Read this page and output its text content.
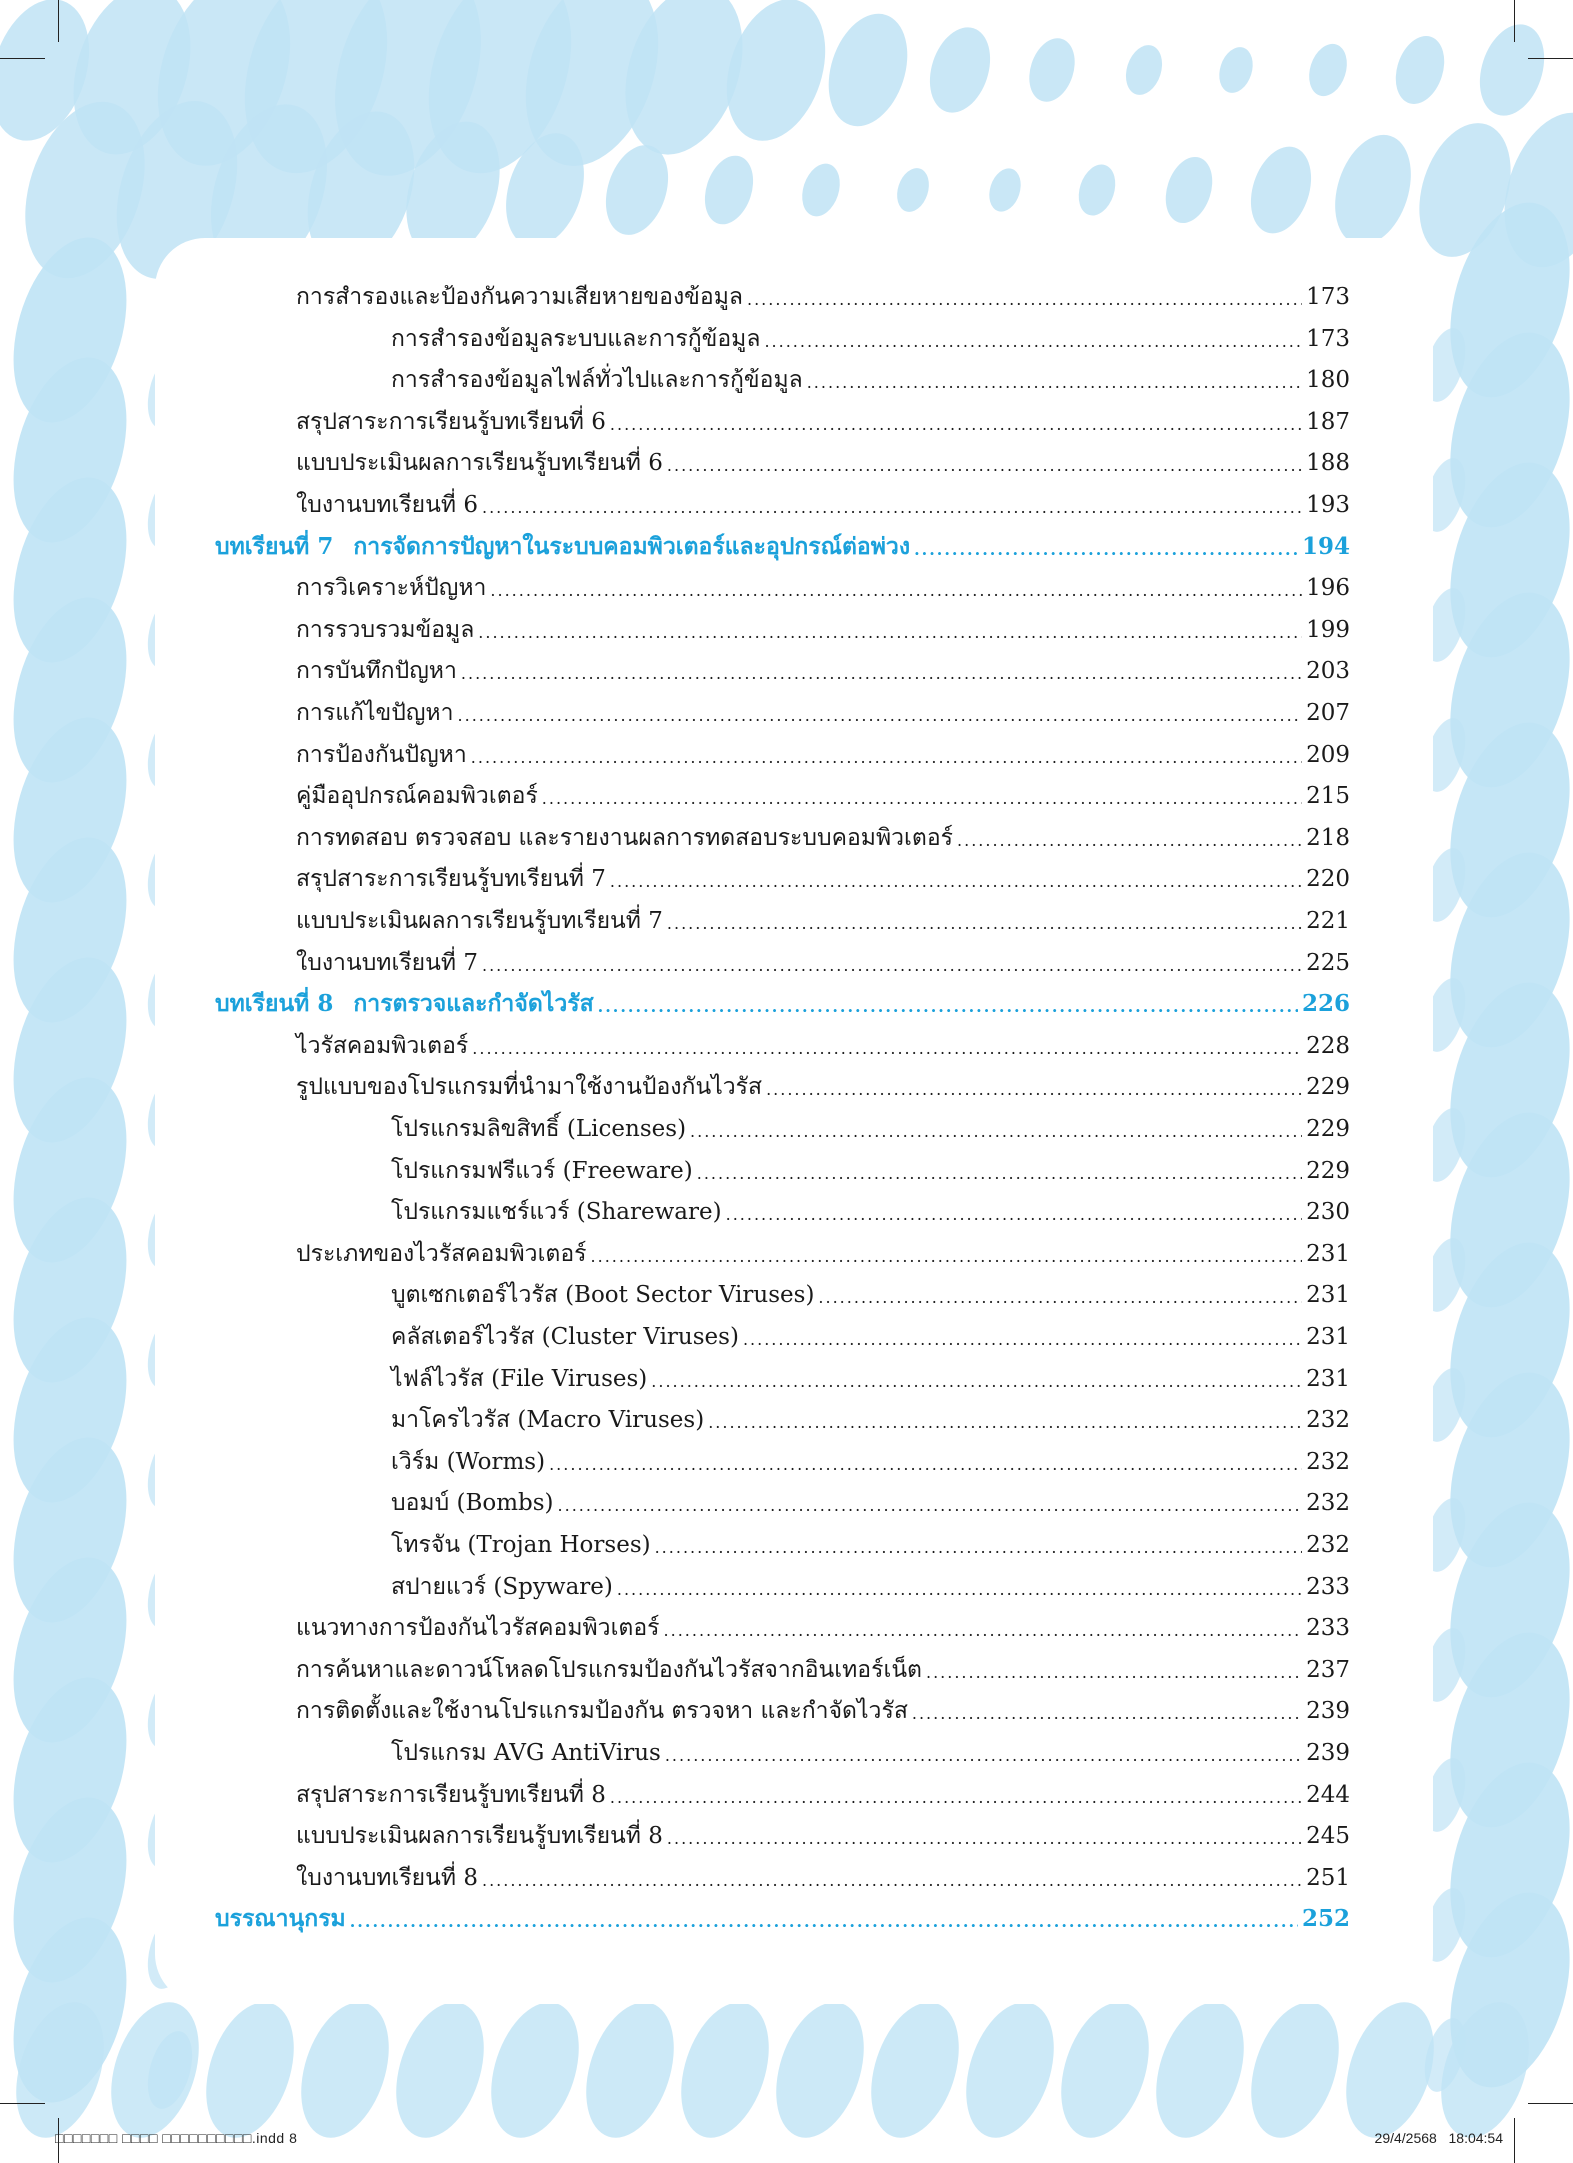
การสำรองและป้องกันความเสียหายของข้อมูล .....	173
การสำรองข้อมูลระบบและการกู้ข้อมูล .....	173
การสำรองข้อมูลไฟล์ทั่วไปและการกู้ข้อมูล .....	180
สรุปสาระการเรียนรู้บทเรียนที่ 6 .....	187
แบบประเมินผลการเรียนรู้บทเรียนที่ 6 .....	188
ใบงานบทเรียนที่ 6 .....	193
บทเรียนที่ 7 การจัดการปัญหาในระบบคอมพิวเตอร์และอุปกรณ์ต่อพ่วง .....	194
การวิเคราะห์ปัญหา .....	196
การรวบรวมข้อมูล .....	199
การบันทึกปัญหา .....	203
การแก้ไขปัญหา .....	207
การป้องกันปัญหา .....	209
คู่มืออุปกรณ์คอมพิวเตอร์ .....	215
การทดสอบ ตรวจสอบ และรายงานผลการทดสอบระบบคอมพิวเตอร์ .....	218
สรุปสาระการเรียนรู้บทเรียนที่ 7 .....	220
แบบประเมินผลการเรียนรู้บทเรียนที่ 7 .....	221
ใบงานบทเรียนที่ 7 .....	225
บทเรียนที่ 8 การตรวจและกำจัดไวรัส .....	226
ไวรัสคอมพิวเตอร์ .....	228
รูปแบบของโปรแกรมที่นำมาใช้งานป้องกันไวรัส .....	229
โปรแกรมลิขสิทธิ์ (Licenses) .....	229
โปรแกรมฟรีแวร์ (Freeware) .....	229
โปรแกรมแชร์แวร์ (Shareware) .....	230
ประเภทของไวรัสคอมพิวเตอร์ .....	231
บูตเซกเตอร์ไวรัส (Boot Sector Viruses) .....	231
คลัสเตอร์ไวรัส (Cluster Viruses) .....	231
ไฟล์ไวรัส (File Viruses) .....	231
มาโครไวรัส (Macro Viruses) .....	232
เวิร์ม (Worms) .....	232
บอมบ์ (Bombs) .....	232
โทรจัน (Trojan Horses) .....	232
สปายแวร์ (Spyware) .....	233
แนวทางการป้องกันไวรัสคอมพิวเตอร์ .....	233
การค้นหาและดาวน์โหลดโปรแกรมป้องกันไวรัสจากอินเทอร์เน็ต .....	237
การติดตั้งและใช้งานโปรแกรมป้องกัน ตรวจหา และกำจัดไวรัส .....	239
โปรแกรม AVG AntiVirus .....	239
สรุปสาระการเรียนรู้บทเรียนที่ 8 .....	244
แบบประเมินผลการเรียนรู้บทเรียนที่ 8 .....	245
ใบงานบทเรียนที่ 8 .....	251
บรรณานุกรม .....	252
□□□□□□□ □□□□ □□□□□□□□□□.indd 8	29/4/2568 18:04:54
